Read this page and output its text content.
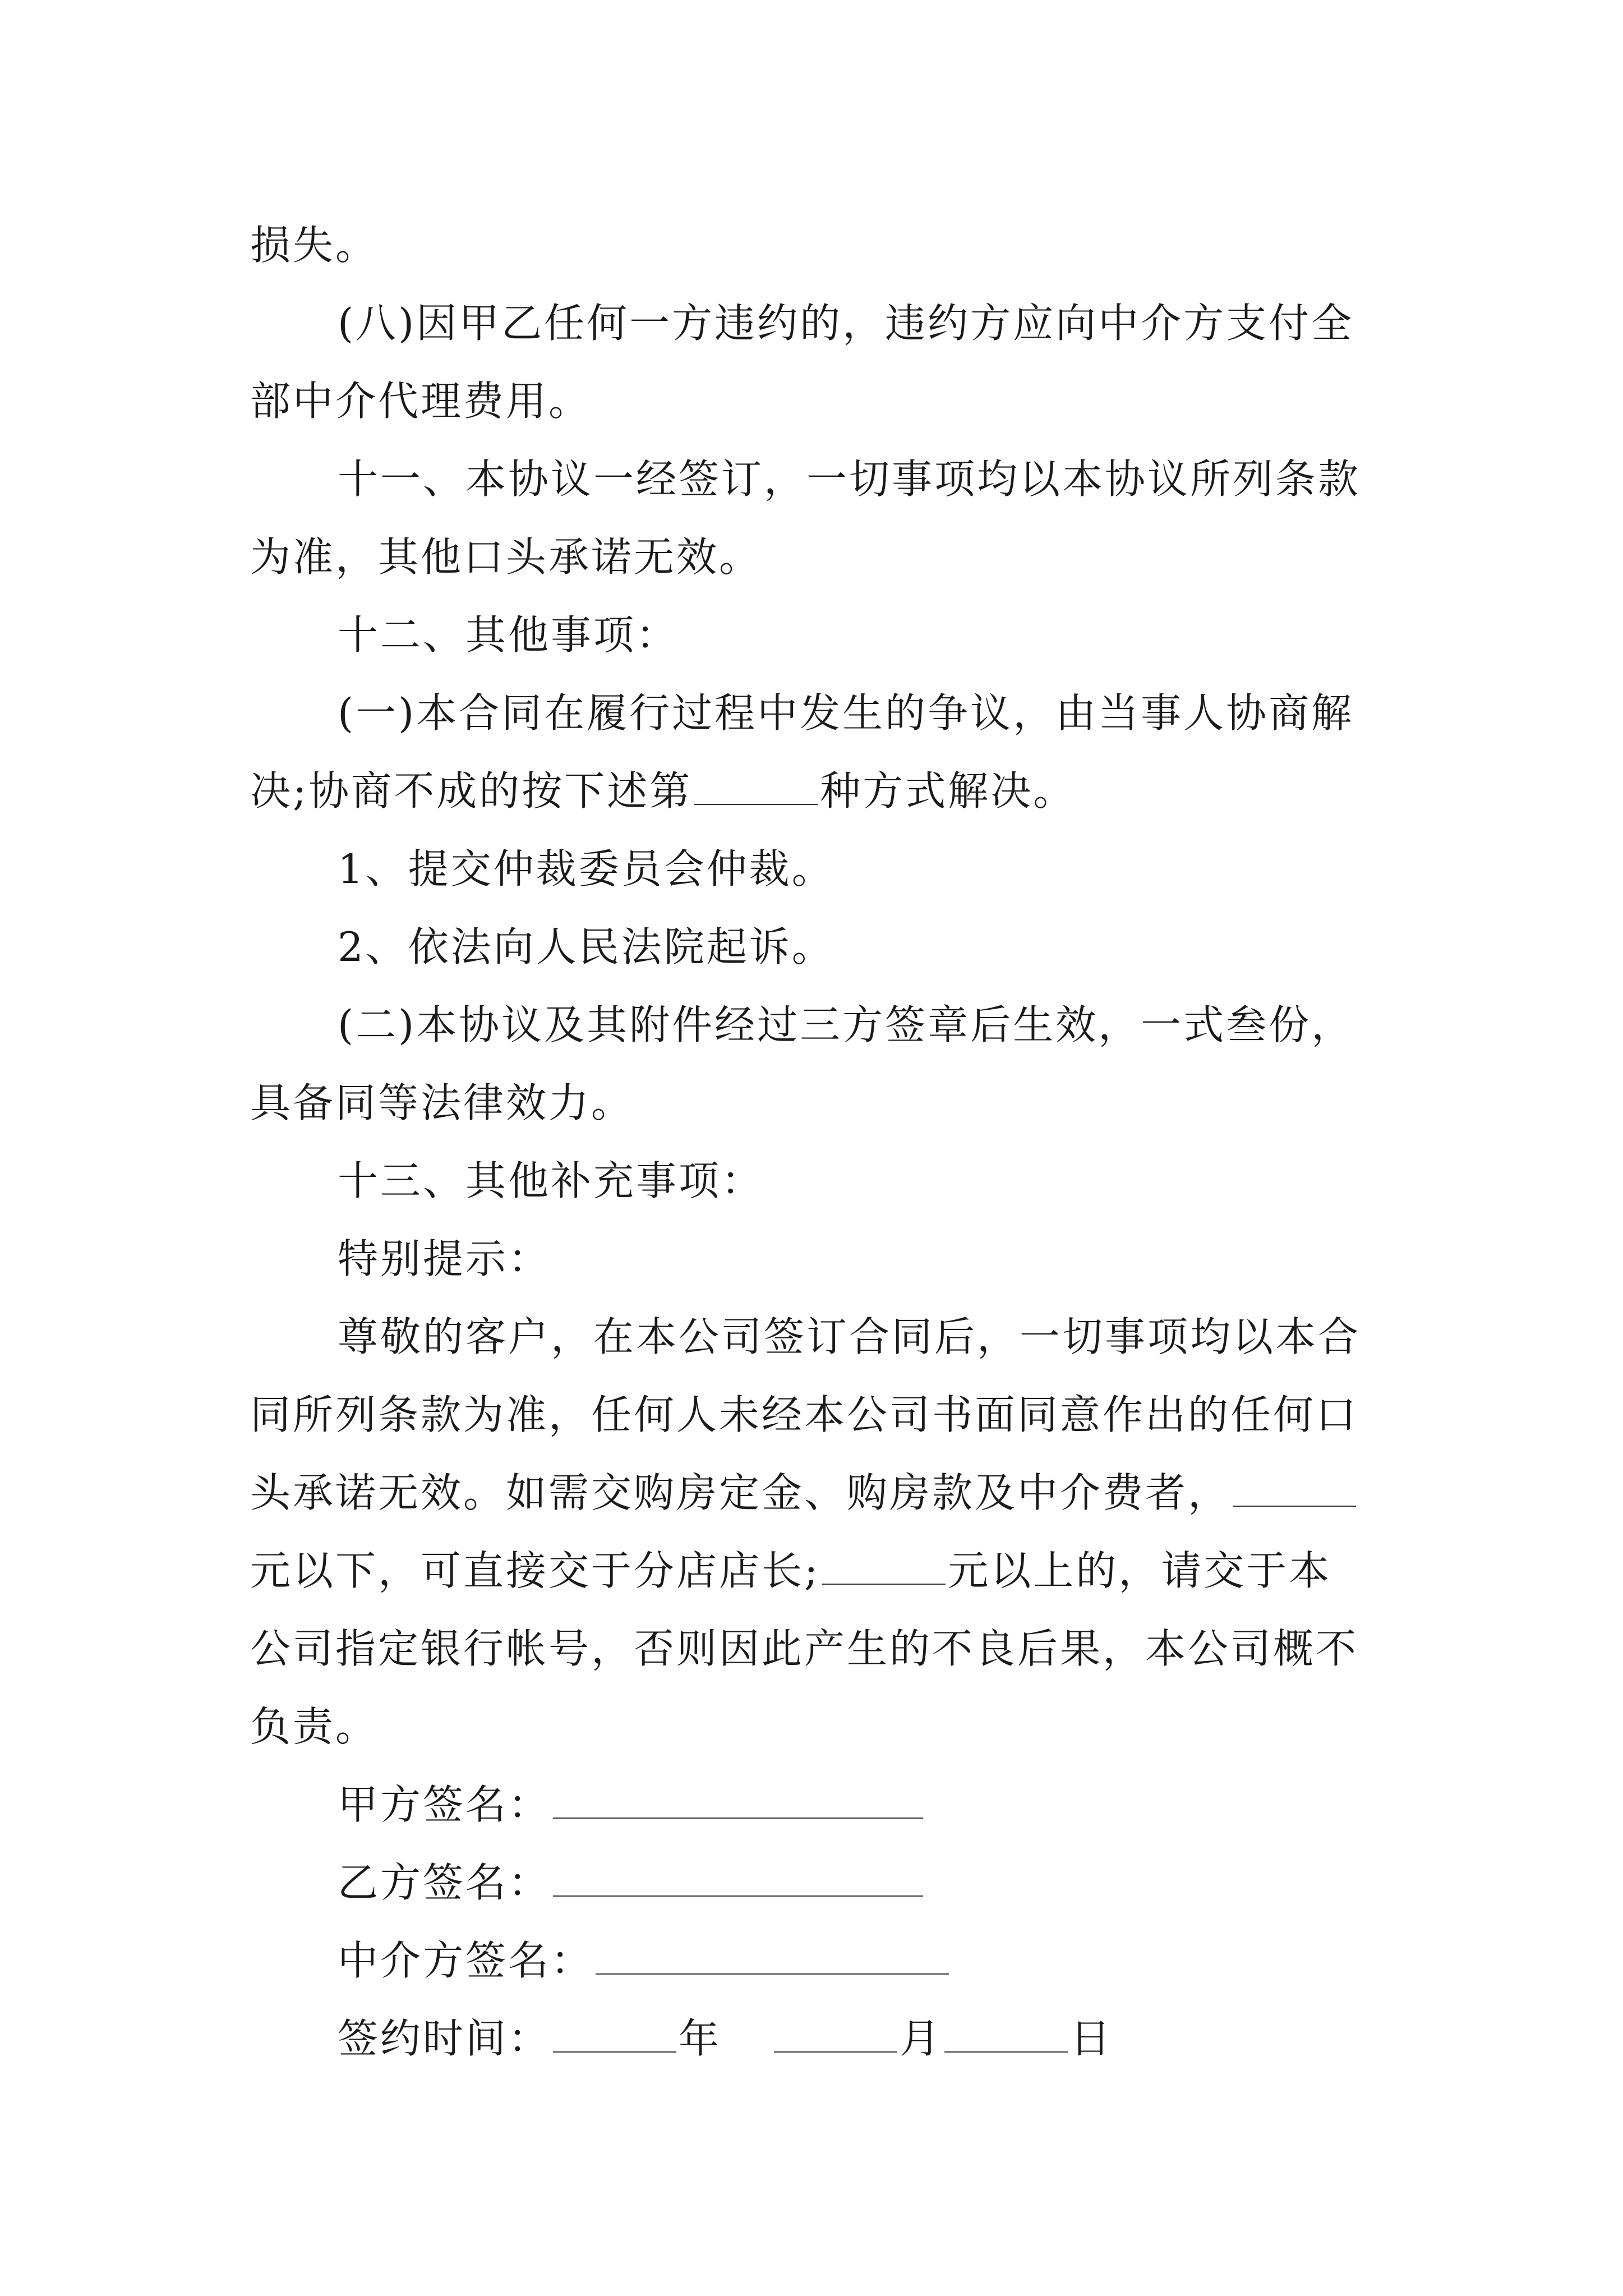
损失。
(八)因甲乙任何一方违约的，违约方应向中介方支付全
部中介代理费用。
十一、本协议一经签订，一切事项均以本协议所列条款
为准，其他口头承诺无效。
十二、其他事项：
(一)本合同在履行过程中发生的争议，由当事人协商解
决;协商不成的按下述第	种方式解决。
1、提交仲裁委员会仲裁。
2、依法向人民法院起诉。
(二)本协议及其附件经过三方签章后生效，一式叁份，
具备同等法律效力。
十三、其他补充事项：
特别提示：
尊敬的客户，在本公司签订合同后，一切事项均以本合
同所列条款为准，任何人未经本公司书面同意作出的任何口
头承诺无效。如需交购房定金、购房款及中介费者，
元以下，可直接交于分店店长;	元以上的，请交于本
公司指定银行帐号，否则因此产生的不良后果，本公司概不
负责。
甲方签名：
乙方签名：
中介方签名：
签约时间：	年	月	日
